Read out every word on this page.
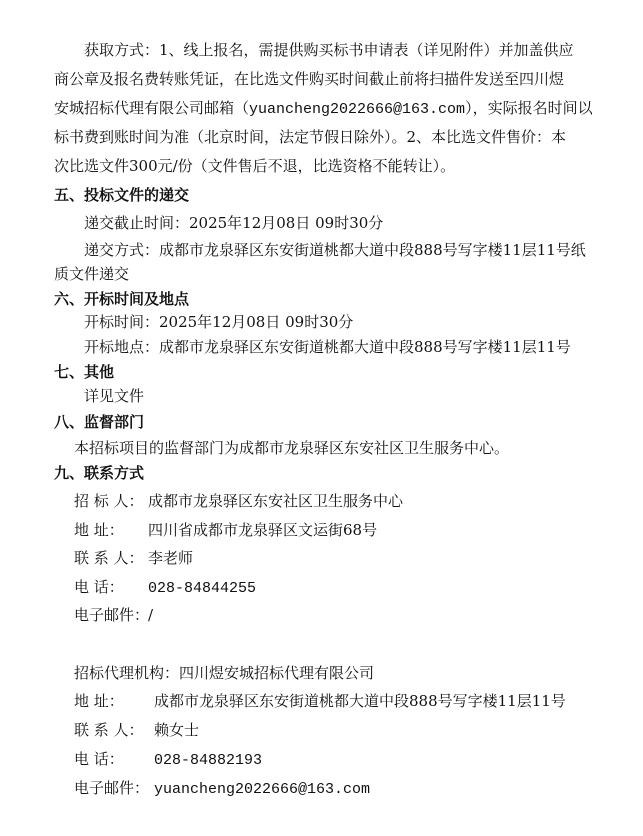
获取方式：1、线上报名，需提供购买标书申请表（详见附件）并加盖供应
商公章及报名费转账凭证，在比选文件购买时间截止前将扫描件发送至四川煜
安城招标代理有限公司邮箱（yuancheng2022666@163.com），实际报名时间以
标书费到账时间为准（北京时间，法定节假日除外）。2、本比选文件售价：本
次比选文件300元/份（文件售后不退，比选资格不能转让）。
五、投标文件的递交
递交截止时间：2025年12月08日 09时30分
递交方式：成都市龙泉驿区东安街道桃都大道中段888号写字楼11层11号纸
质文件递交
六、开标时间及地点
开标时间：2025年12月08日 09时30分
开标地点：成都市龙泉驿区东安街道桃都大道中段888号写字楼11层11号
七、其他
详见文件
八、监督部门
本招标项目的监督部门为成都市龙泉驿区东安社区卫生服务中心。
九、联系方式
招 标 人： 成都市龙泉驿区东安社区卫生服务中心
地 址： 四川省成都市龙泉驿区文运街68号
联 系 人： 李老师
电 话： 028-84844255
电子邮件：/
招标代理机构：四川煜安城招标代理有限公司
地 址： 成都市龙泉驿区东安街道桃都大道中段888号写字楼11层11号
联 系 人： 赖女士
电 话： 028-84882193
电子邮件： yuancheng2022666@163.com
